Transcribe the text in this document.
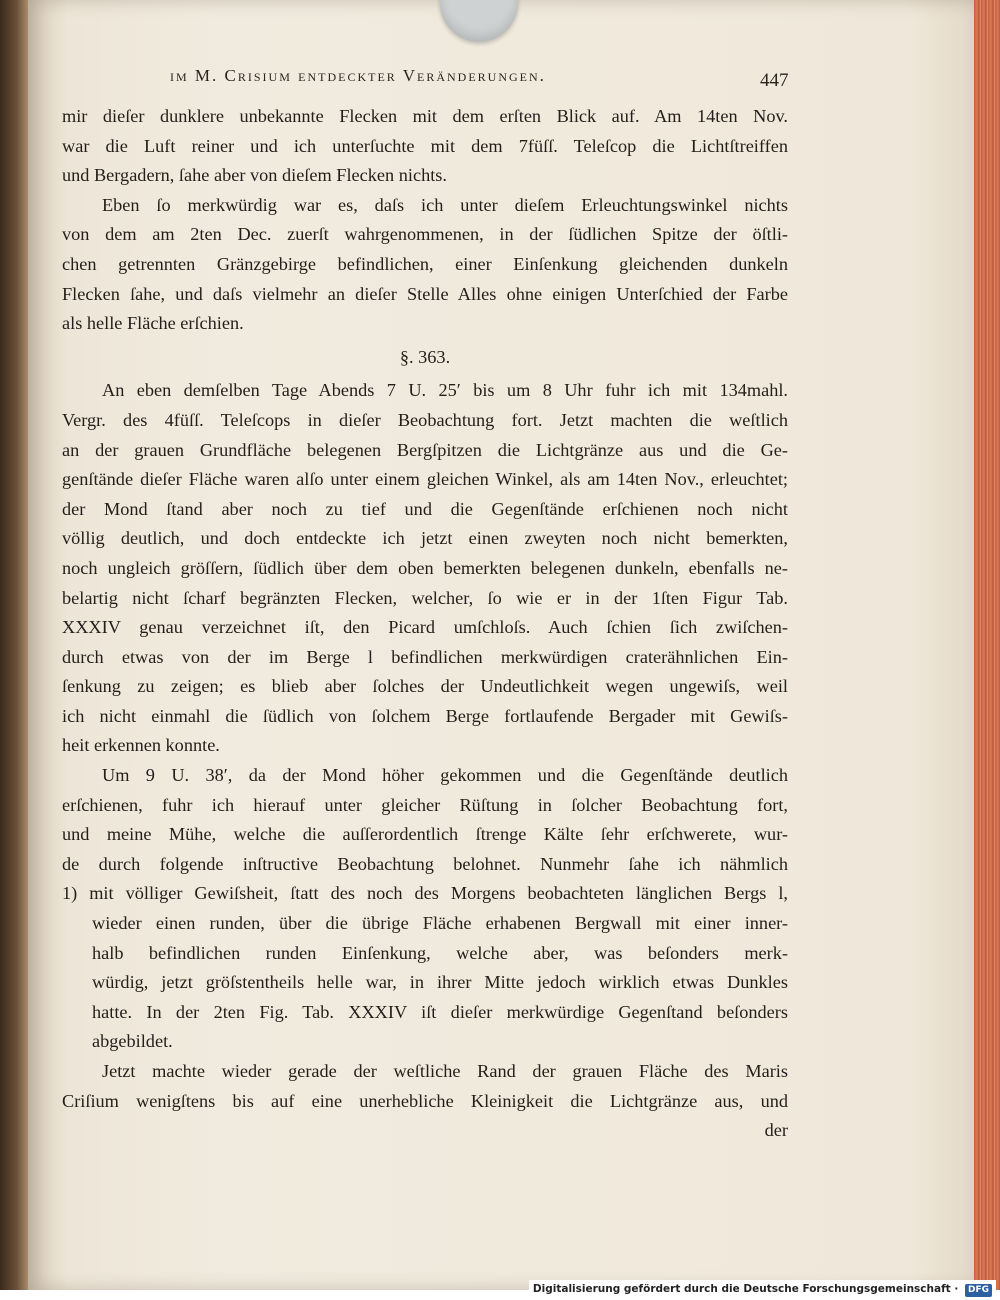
im M. Crisium entdeckter Veränderungen.	447
mir dieſer dunklere unbekannte Flecken mit dem erſten Blick auf. Am 14ten Nov.
war die Luft reiner und ich unterſuchte mit dem 7füſſ. Teleſcop die Lichtſtreiffen
und Bergadern, ſahe aber von dieſem Flecken nichts.
Eben ſo merkwürdig war es, daſs ich unter dieſem Erleuchtungswinkel nichts
von dem am 2ten Dec. zuerſt wahrgenommenen, in der ſüdlichen Spitze der öſtli-
chen getrennten Gränzgebirge befindlichen, einer Einſenkung gleichenden dunkeln
Flecken ſahe, und daſs vielmehr an dieſer Stelle Alles ohne einigen Unterſchied der Farbe
als helle Fläche erſchien.
§. 363.
An eben demſelben Tage Abends 7 U. 25′ bis um 8 Uhr fuhr ich mit 134mahl.
Vergr. des 4füſſ. Teleſcops in dieſer Beobachtung fort. Jetzt machten die weſtlich
an der grauen Grundfläche belegenen Bergſpitzen die Lichtgränze aus und die Ge-
genſtände dieſer Fläche waren alſo unter einem gleichen Winkel, als am 14ten Nov., erleuchtet;
der Mond ſtand aber noch zu tief und die Gegenſtände erſchienen noch nicht
völlig deutlich, und doch entdeckte ich jetzt einen zweyten noch nicht bemerkten,
noch ungleich gröſſern, ſüdlich über dem oben bemerkten belegenen dunkeln, ebenfalls ne-
belartig nicht ſcharf begränzten Flecken, welcher, ſo wie er in der 1ſten Figur Tab.
XXXIV genau verzeichnet iſt, den Picard umſchloſs. Auch ſchien ſich zwiſchen-
durch etwas von der im Berge l befindlichen merkwürdigen craterähnlichen Ein-
ſenkung zu zeigen; es blieb aber ſolches der Undeutlichkeit wegen ungewiſs, weil
ich nicht einmahl die ſüdlich von ſolchem Berge fortlaufende Bergader mit Gewiſs-
heit erkennen konnte.
Um 9 U. 38′, da der Mond höher gekommen und die Gegenſtände deutlich
erſchienen, fuhr ich hierauf unter gleicher Rüſtung in ſolcher Beobachtung fort,
und meine Mühe, welche die auſſerordentlich ſtrenge Kälte ſehr erſchwerete, wur-
de durch folgende inſtructive Beobachtung belohnet. Nunmehr ſahe ich nähmlich
1) mit völliger Gewiſsheit, ſtatt des noch des Morgens beobachteten länglichen Bergs l,
wieder einen runden, über die übrige Fläche erhabenen Bergwall mit einer inner-
halb befindlichen runden Einſenkung, welche aber, was beſonders merk-
würdig, jetzt gröſstentheils helle war, in ihrer Mitte jedoch wirklich etwas Dunkles
hatte. In der 2ten Fig. Tab. XXXIV iſt dieſer merkwürdige Gegenſtand beſonders
abgebildet.
Jetzt machte wieder gerade der weſtliche Rand der grauen Fläche des Maris
Criſium wenigſtens bis auf eine unerhebliche Kleinigkeit die Lichtgränze aus, und
der
Digitalisierung gefördert durch die Deutsche Forschungsgemeinschaft · DFG
